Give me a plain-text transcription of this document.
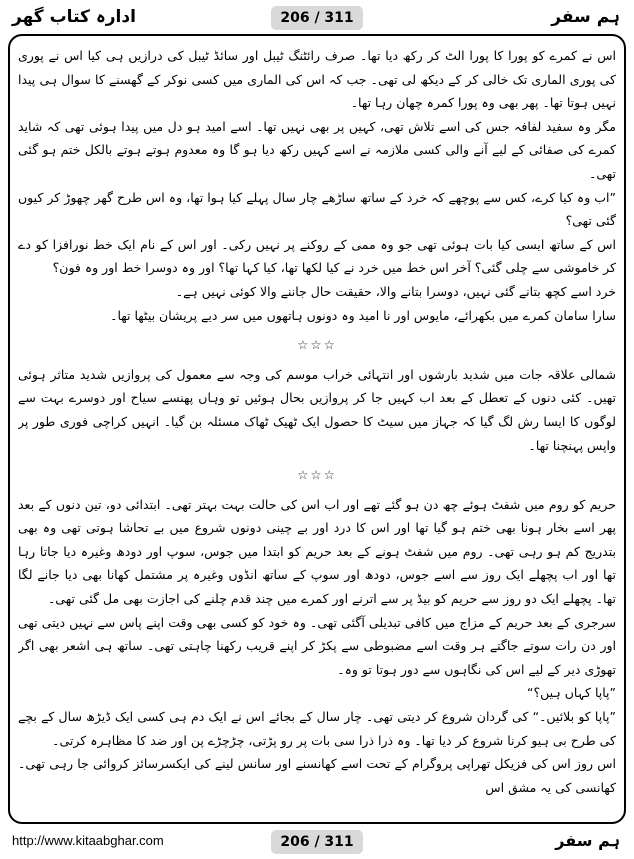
ادارہ کتاب گھر	206 / 311	ہم سفر

اس نے کمرے کو پورا کا پورا الٹ کر رکھ دیا تھا۔ صرف رائٹنگ ٹیبل اور سائڈ ٹیبل کی درازیں ہی کیا اس نے پوری کی پوری الماری تک خالی کر کے دیکھ لی تھی۔ جب کہ اس کی الماری میں کسی نوکر کے گھسنے کا سوال ہی پیدا نہیں ہوتا تھا۔ پھر بھی وہ پورا کمرہ چھان رہا تھا۔

مگر وہ سفید لفافہ جس کی اسے تلاش تھی، کہیں پر بھی نہیں تھا۔ اسے امید ہو دل میں پیدا ہوئی تھی کہ شاید کمرے کی صفائی کے لیے آنے والی کسی ملازمہ نے اسے کہیں رکھ دیا ہو گا وہ معدوم ہوتے ہوتے بالکل ختم ہو گئی تھی۔

”اب وہ کیا کرے، کس سے پوچھے کہ خرد کے ساتھ ساڑھے چار سال پہلے کیا ہوا تھا، وہ اس طرح گھر چھوڑ کر کیوں گئی تھی؟

اس کے ساتھ ایسی کیا بات ہوئی تھی جو وہ ممی کے روکنے پر نہیں رکی۔ اور اس کے نام ایک خط نورافزا کو دے کر خاموشی سے چلی گئی؟ آخر اس خط میں خرد نے کیا لکھا تھا، کیا کہا تھا؟ اور وہ دوسرا خط اور وہ فون؟

خرد اسے کچھ بتانے گئی نہیں، دوسرا بتانے والا، حقیقت حال جاننے والا کوئی نہیں ہے۔

سارا سامان کمرے میں بکھرائے، مایوس اور نا امید وہ دونوں ہاتھوں میں سر دیے پریشان بیٹھا تھا۔

☆☆☆

شمالی علاقہ جات میں شدید بارشوں اور انتہائی خراب موسم کی وجہ سے معمول کی پروازیں شدید متاثر ہوئی تھیں۔ کئی دنوں کے تعطل کے بعد اب کہیں جا کر پروازیں بحال ہوئیں تو وہاں پھنسے سیاح اور دوسرے بہت سے لوگوں کا ایسا رش لگ گیا کہ جہاز میں سیٹ کا حصول ایک ٹھیک ٹھاک مسئلہ بن گیا۔ انہیں کراچی فوری طور پر واپس پہنچنا تھا۔

☆☆☆

حریم کو روم میں شفٹ ہوئے چھ دن ہو گئے تھے اور اب اس کی حالت بہت بہتر تھی۔ ابتدائی دو، تین دنوں کے بعد پھر اسے بخار ہونا بھی ختم ہو گیا تھا اور اس کا درد اور بے چینی دونوں شروع میں بے تحاشا ہوتی تھی وہ بھی بتدریج کم ہو رہی تھی۔ روم میں شفٹ ہونے کے بعد حریم کو ابتدا میں جوس، سوپ اور دودھ وغیرہ دیا جاتا رہا تھا اور اب پچھلے ایک روز سے اسے جوس، دودھ اور سوپ کے ساتھ انڈوں وغیرہ پر مشتمل کھانا بھی دیا جانے لگا تھا۔ پچھلے ایک دو روز سے حریم کو بیڈ پر سے اترنے اور کمرے میں چند قدم چلنے کی اجازت بھی مل گئی تھی۔

سرجری کے بعد حریم کے مزاج میں کافی تبدیلی آگئی تھی۔ وہ خود کو کسی بھی وقت اپنے پاس سے نہیں دیتی تھی اور دن رات سوتے جاگتے ہر وقت اسے مضبوطی سے پکڑ کر اپنے قریب رکھنا چاہتی تھی۔ ساتھ ہی اشعر بھی اگر تھوڑی دیر کے لیے اس کی نگاہوں سے دور ہوتا تو وہ۔

”پاپا کہاں ہیں؟“

”پاپا کو بلائیں۔“ کی گردان شروع کر دیتی تھی۔ چار سال کے بجائے اس نے ایک دم ہی کسی ایک ڈیڑھ سال کے بچے کی طرح بی ہیو کرنا شروع کر دیا تھا۔ وہ ذرا ذرا سی بات پر رو پڑتی، چڑچڑے پن اور ضد کا مظاہرہ کرتی۔

اس روز اس کی فزیکل تھراپی پروگرام کے تحت اسے کھانسنے اور سانس لینے کی ایکسرسائز کروائی جا رہی تھی۔ کھانسی کی یہ مشق اس

http://www.kitaabghar.com	206 / 311	ہم سفر
